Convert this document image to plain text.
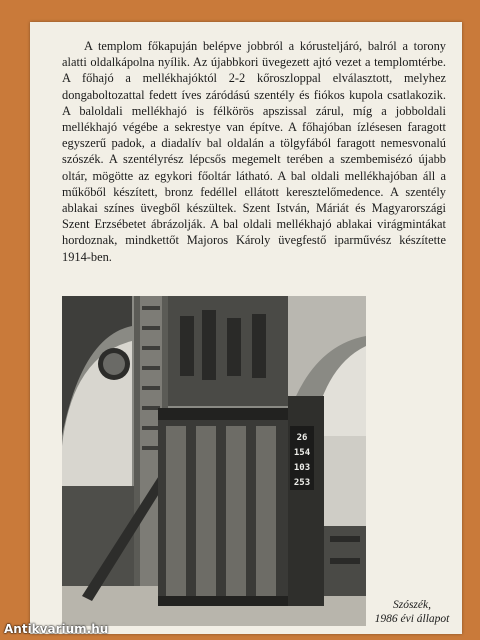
A templom főkapuján belépve jobbról a kórusteljáró, balról a torony alatti oldalkápolna nyílik. Az újabbkori üvegezett ajtó vezet a templomtérbe. A főhajó a mellékhajóktól 2-2 kőroszloppal elválasztott, melyhez dongaboltozattal fedett íves záródású szentély és fiókos kupola csatlakozik. A baloldali mellékhajó is félkörös apszissal zárul, míg a jobboldali mellékhajó végébe a sekrestye van építve. A főhajóban ízlésesen faragott egyszerű padok, a diadalív bal oldalán a tölgyfából faragott nemesvonalú szószék. A szentélyrész lépcsős megemelt terében a szembemisézó újabb oltár, mögötte az egykori főoltár látható. A bal oldali mellékhajóban áll a műkőből készített, bronz fedéllel ellátott keresztelőmedence. A szentély ablakai színes üvegből készültek. Szent István, Máriát és Magyarországi Szent Erzsébetet ábrázolják. A bal oldali mellékhajó ablakai virágmintákat hordoznak, mindkettőt Majoros Károly üvegfestő iparművész készítette 1914-ben.

26
154
103
253
Szószék,
1986 évi állapot
Antikvarium.hu
